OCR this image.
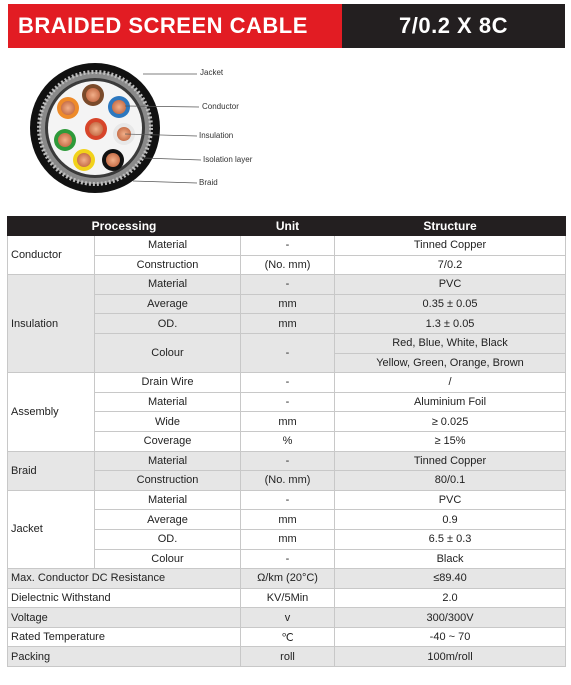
BRAIDED SCREEN CABLE	7/0.2 X 8C
Jacket
Conductor
Insulation
Isolation layer
Braid
Processing		Unit	Structure
Conductor	Material	-	Tinned Copper
	Construction	(No. mm)	7/0.2
Insulation	Material	-	PVC
	Average	mm	0.35 ± 0.05
	OD.	mm	1.3 ± 0.05
	Colour	-	Red, Blue, White, Black
			Yellow, Green, Orange, Brown
Assembly	Drain Wire	-	/
	Material	-	Aluminium Foil
	Wide	mm	≥ 0.025
	Coverage	%	≥ 15%
Braid	Material	-	Tinned Copper
	Construction	(No. mm)	80/0.1
Jacket	Material	-	PVC
	Average	mm	0.9
	OD.	mm	6.5 ± 0.3
	Colour	-	Black
Max. Conductor DC Resistance		Ω/km (20°C)	≤89.40
Dielectnic Withstand		KV/5Min	2.0
Voltage		v	300/300V
Rated Temperature		℃	-40 ~ 70
Packing		roll	100m/roll
